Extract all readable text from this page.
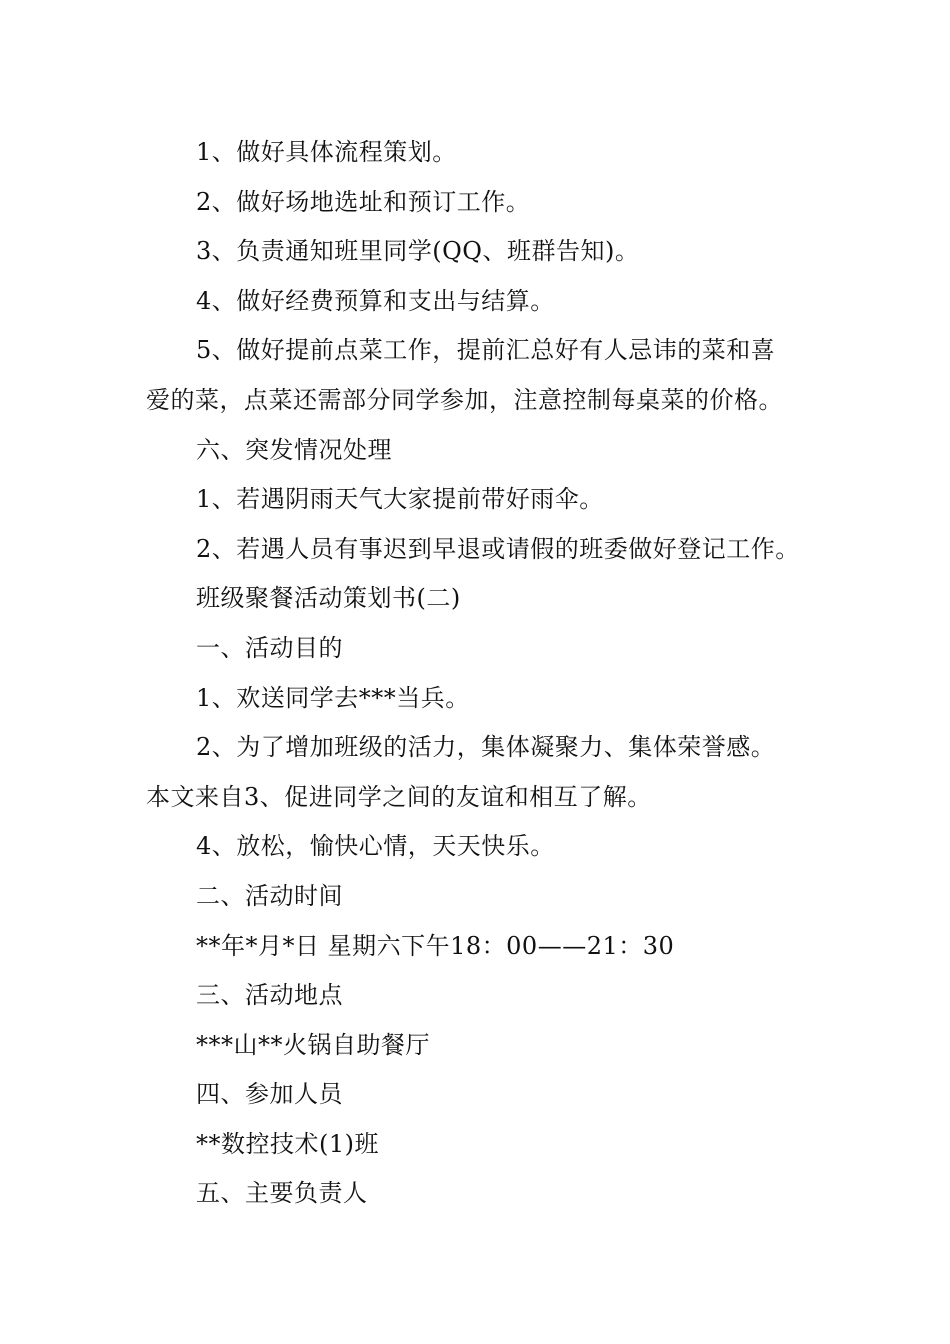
1、做好具体流程策划。

2、做好场地选址和预订工作。

3、负责通知班里同学(QQ、班群告知)。

4、做好经费预算和支出与结算。

5、做好提前点菜工作，提前汇总好有人忌讳的菜和喜

爱的菜，点菜还需部分同学参加，注意控制每桌菜的价格。

六、突发情况处理

1、若遇阴雨天气大家提前带好雨伞。

2、若遇人员有事迟到早退或请假的班委做好登记工作。

班级聚餐活动策划书(二)

一、活动目的

1、欢送同学去***当兵。

2、为了增加班级的活力，集体凝聚力、集体荣誉感。

本文来自3、促进同学之间的友谊和相互了解。

4、放松，愉快心情，天天快乐。

二、活动时间

**年*月*日 星期六下午18：00——21：30

三、活动地点

***山**火锅自助餐厅

四、参加人员

**数控技术(1)班

五、主要负责人
